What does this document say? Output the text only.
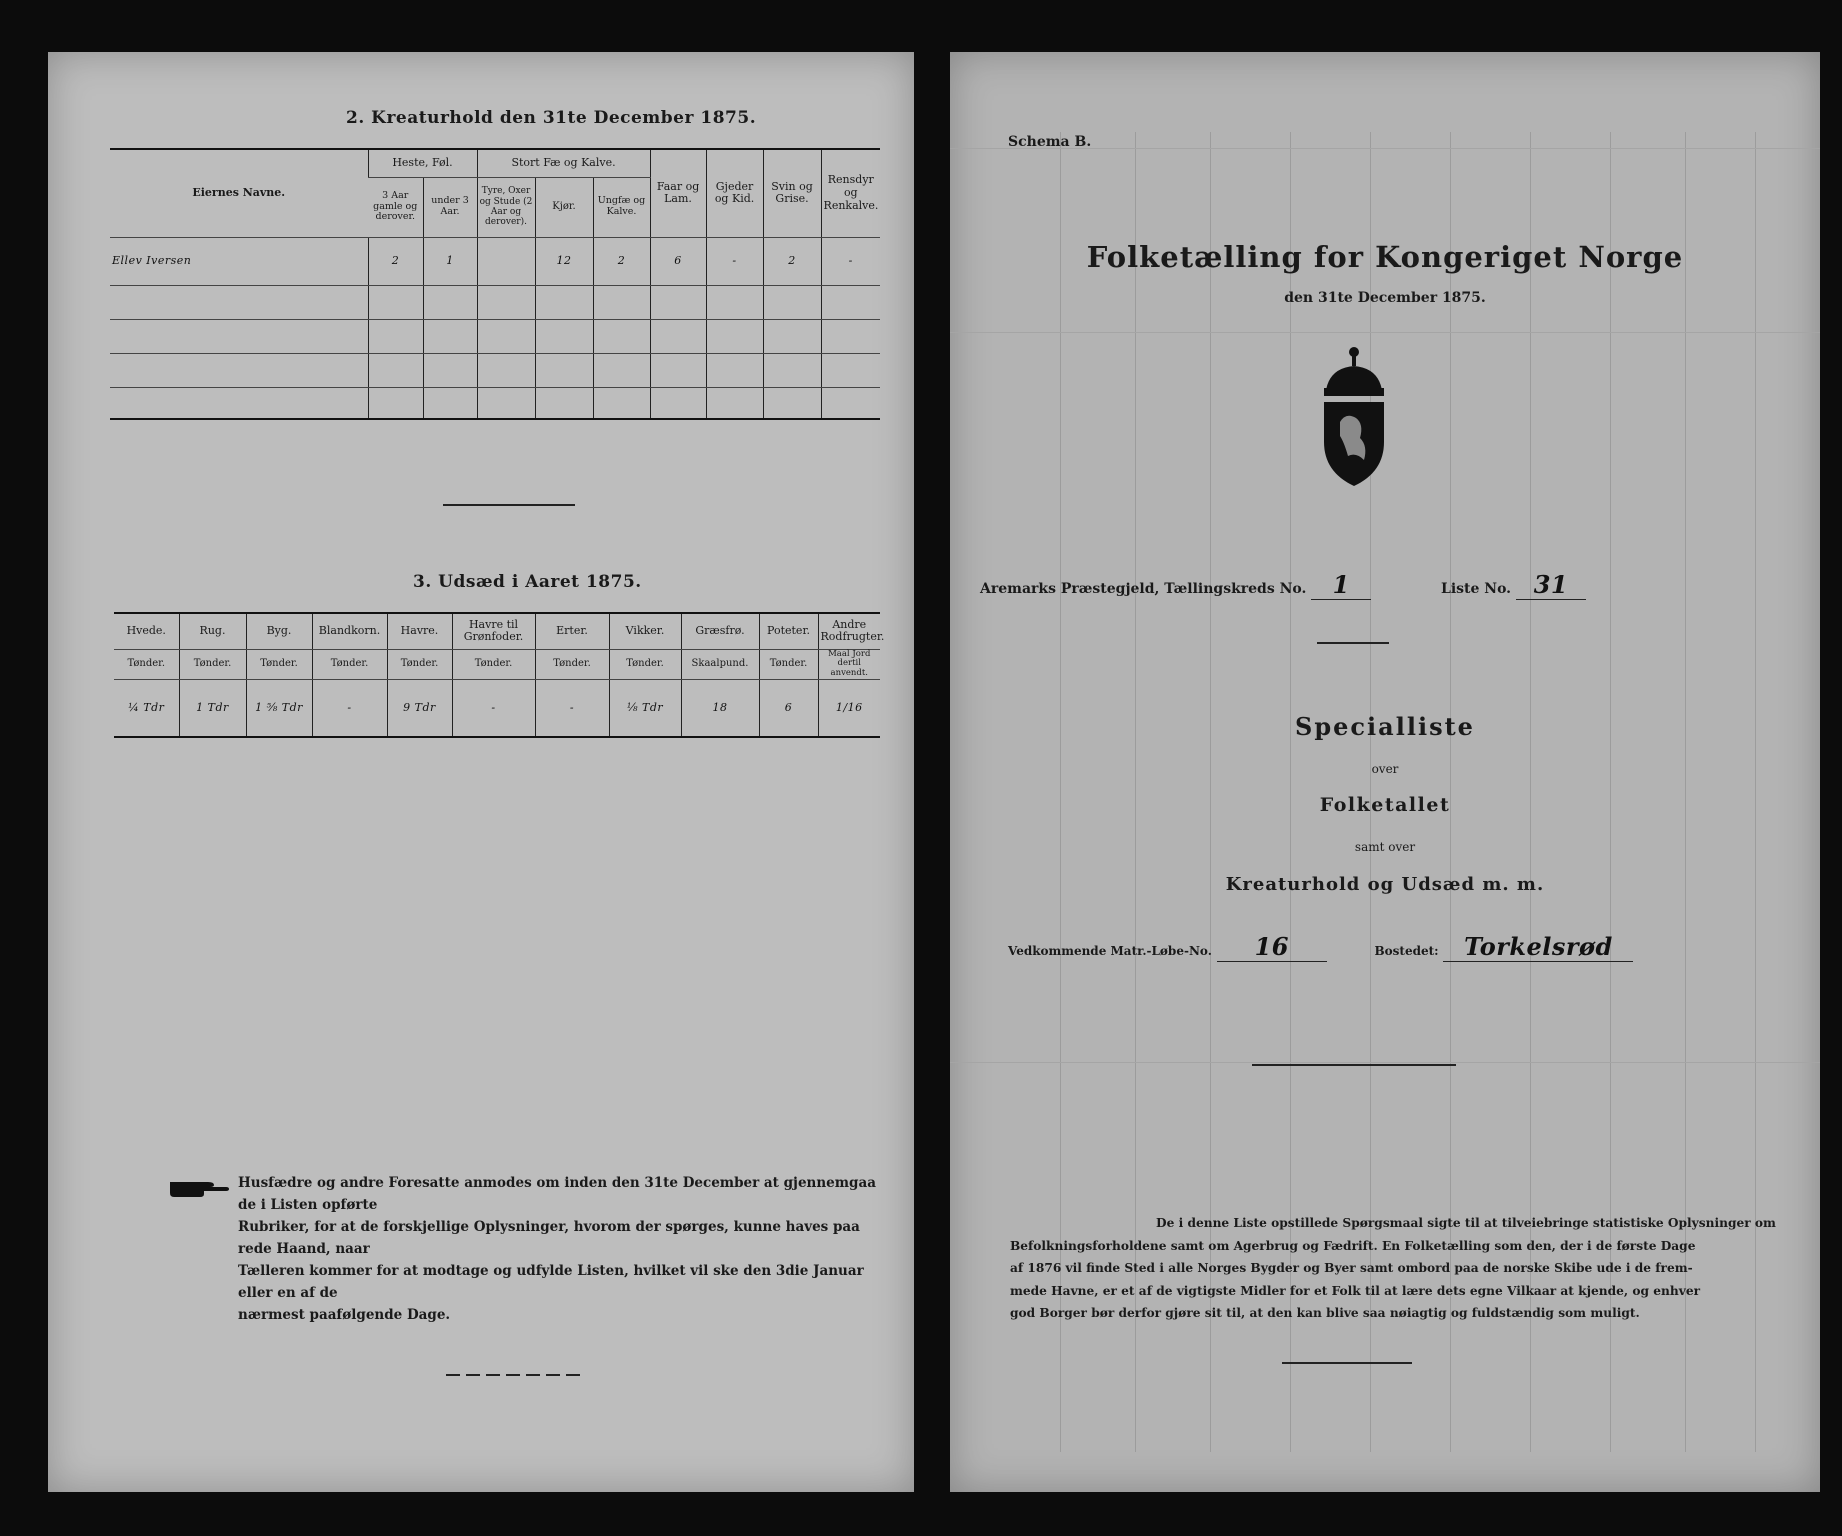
2. Kreaturhold den 31te December 1875.
Eiernes Navne.	Heste, Føl.		Stort Fæ og Kalve.			Faar og Lam.	Gjeder og Kid.	Svin og Grise.	Rensdyr og Renkalve.
	3 Aar gamle og derover.	under 3 Aar.	Tyre, Oxer og Stude (2 Aar og derover).	Kjør.	Ungfæ og Kalve.				
Ellev Iversen	2	1		12	2	6	-	2	-

3. Udsæd i Aaret 1875.
Hvede.	Rug.	Byg.	Blandkorn.	Havre.	Havre til Grønfoder.	Erter.	Vikker.	Græsfrø.	Poteter.	Andre Rodfrugter.
Tønder.	Tønder.	Tønder.	Tønder.	Tønder.	Tønder.	Tønder.	Tønder.	Skaalpund.	Tønder.	Maal Jord dertil anvendt.
¼ Tdr	1 Tdr	1 ⅝ Tdr	-	9 Tdr	-	-	⅛ Tdr	18	6	1/16
Husfædre og andre Foresatte anmodes om inden den 31te December at gjennemgaa de i Listen opførte
Rubriker, for at de forskjellige Oplysninger, hvorom der spørges, kunne haves paa rede Haand, naar
Tælleren kommer for at modtage og udfylde Listen, hvilket vil ske den 3die Januar eller en af de
nærmest paafølgende Dage.
Schema B.
Folketælling for Kongeriget Norge
den 31te December 1875.
Aremarks Præstegjeld, Tællingskreds No. 1	Liste No. 31
Specialliste
over
Folketallet
samt over
Kreaturhold og Udsæd m. m.
Vedkommende Matr.-Løbe-No. 16	Bostedet: Torkelsrød
De i denne Liste opstillede Spørgsmaal sigte til at tilveiebringe statistiske Oplysninger om
Befolkningsforholdene samt om Agerbrug og Fædrift. En Folketælling som den, der i de første Dage
af 1876 vil finde Sted i alle Norges Bygder og Byer samt ombord paa de norske Skibe ude i de frem-
mede Havne, er et af de vigtigste Midler for et Folk til at lære dets egne Vilkaar at kjende, og enhver
god Borger bør derfor gjøre sit til, at den kan blive saa nøiagtig og fuldstændig som muligt.
